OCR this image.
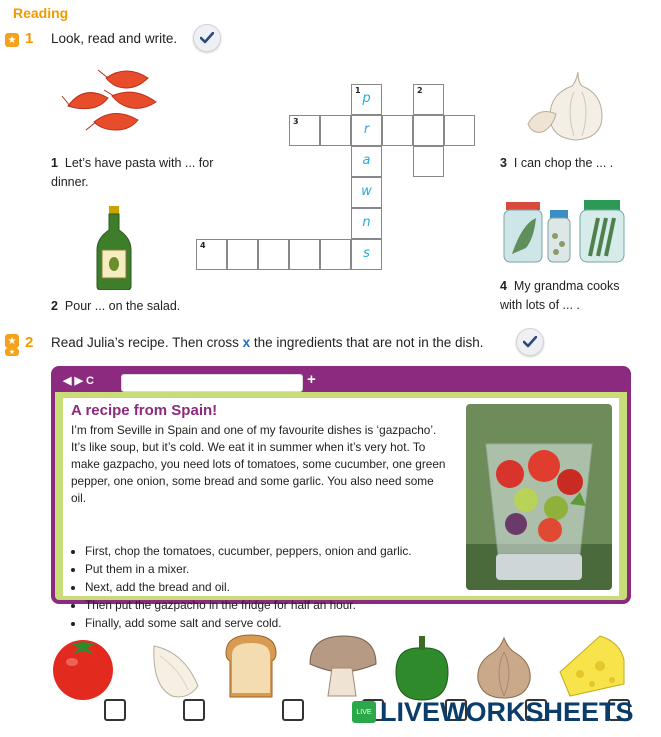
Reading
★ 1 Look, read and write.
1 Let’s have pasta with ... for dinner.
2 Pour ... on the salad.
1
p
r
a
w
n
s
3
2
4
3 I can chop the ... .
4 My grandma cooks with lots of ... .
★
★
2 Read Julia’s recipe. Then cross x the ingredients that are not in the dish.
◀ ▶ C	+
A recipe from Spain!
I’m from Seville in Spain and one of my favourite dishes is ‘gazpacho’. It’s like soup, but it’s cold. We eat it in summer when it’s very hot. To make gazpacho, you need lots of tomatoes, some cucumber, one green pepper, one onion, some bread and some garlic. You also need some oil.
• First, chop the tomatoes, cucumber, peppers, onion and garlic.
• Put them in a mixer.
• Next, add the bread and oil.
• Then put the gazpacho in the fridge for half an hour.
• Finally, add some salt and serve cold.
LIVE LIVEWORKSHEETS
